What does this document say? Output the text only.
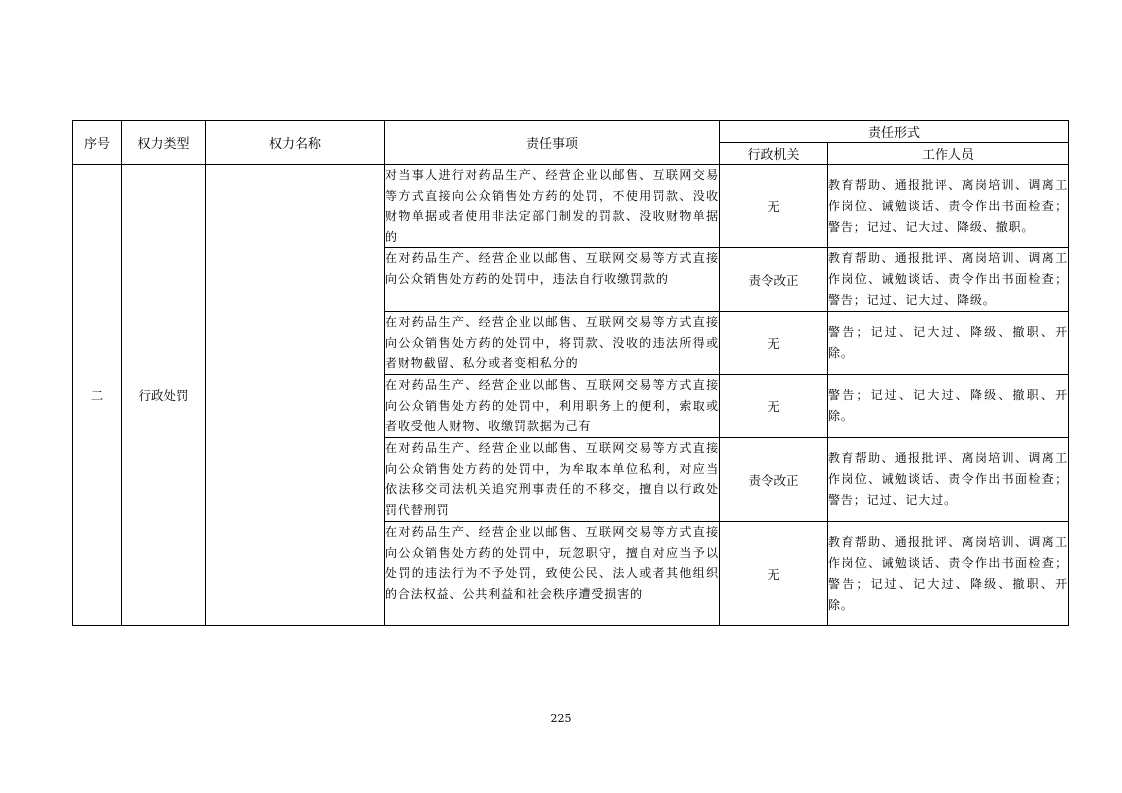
序号	权力类型	权力名称	责任事项	责任形式	
				行政机关	工作人员
二	行政处罚		对当事人进行对药品生产、经营企业以邮售、互联网交易等方式直接向公众销售处方药的处罚，不使用罚款、没收财物单据或者使用非法定部门制发的罚款、没收财物单据的	无	教育帮助、通报批评、离岗培训、调离工作岗位、诫勉谈话、责令作出书面检查；警告；记过、记大过、降级、撤职。
			在对药品生产、经营企业以邮售、互联网交易等方式直接向公众销售处方药的处罚中，违法自行收缴罚款的	责令改正	教育帮助、通报批评、离岗培训、调离工作岗位、诫勉谈话、责令作出书面检查；警告；记过、记大过、降级。
			在对药品生产、经营企业以邮售、互联网交易等方式直接向公众销售处方药的处罚中，将罚款、没收的违法所得或者财物截留、私分或者变相私分的	无	警告；记过、记大过、降级、撤职、开除。
			在对药品生产、经营企业以邮售、互联网交易等方式直接向公众销售处方药的处罚中，利用职务上的便利，索取或者收受他人财物、收缴罚款据为己有	无	警告；记过、记大过、降级、撤职、开除。
			在对药品生产、经营企业以邮售、互联网交易等方式直接向公众销售处方药的处罚中，为牟取本单位私利，对应当依法移交司法机关追究刑事责任的不移交，擅自以行政处罚代替刑罚	责令改正	教育帮助、通报批评、离岗培训、调离工作岗位、诫勉谈话、责令作出书面检查；警告；记过、记大过。
			在对药品生产、经营企业以邮售、互联网交易等方式直接向公众销售处方药的处罚中，玩忽职守，擅自对应当予以处罚的违法行为不予处罚，致使公民、法人或者其他组织的合法权益、公共利益和社会秩序遭受损害的	无	教育帮助、通报批评、离岗培训、调离工作岗位、诫勉谈话、责令作出书面检查；警告；记过、记大过、降级、撤职、开除。
225
